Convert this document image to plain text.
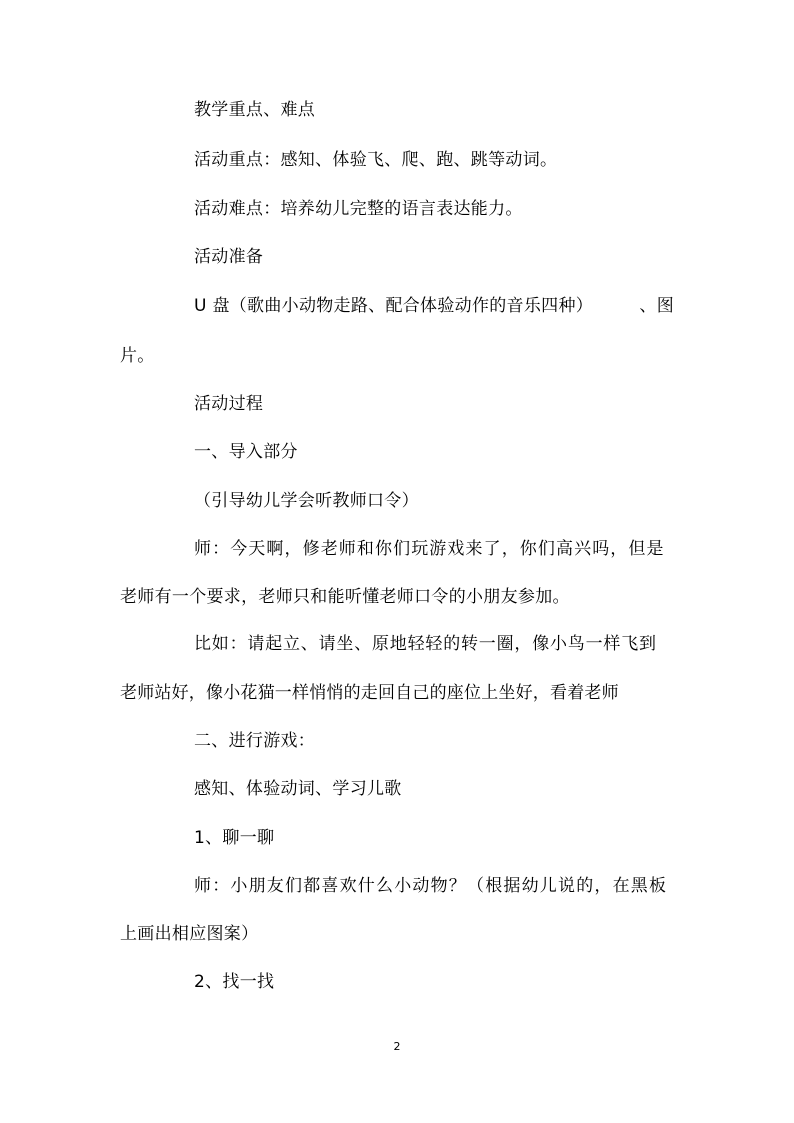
教学重点、难点
活动重点：感知、体验飞、爬、跑、跳等动词。
活动难点：培养幼儿完整的语言表达能力。
活动准备
U 盘（歌曲小动物走路、配合体验动作的音乐四种）	、图
片。
活动过程
一、导入部分
（引导幼儿学会听教师口令）
师：今天啊，修老师和你们玩游戏来了，你们高兴吗，但是
老师有一个要求，老师只和能听懂老师口令的小朋友参加。
比如：请起立、请坐、原地轻轻的转一圈，像小鸟一样飞到
老师站好，像小花猫一样悄悄的走回自己的座位上坐好，看着老师
二、进行游戏：
感知、体验动词、学习儿歌
1、聊一聊
师：小朋友们都喜欢什么小动物？（根据幼儿说的，在黑板
上画出相应图案）
2、找一找
2
